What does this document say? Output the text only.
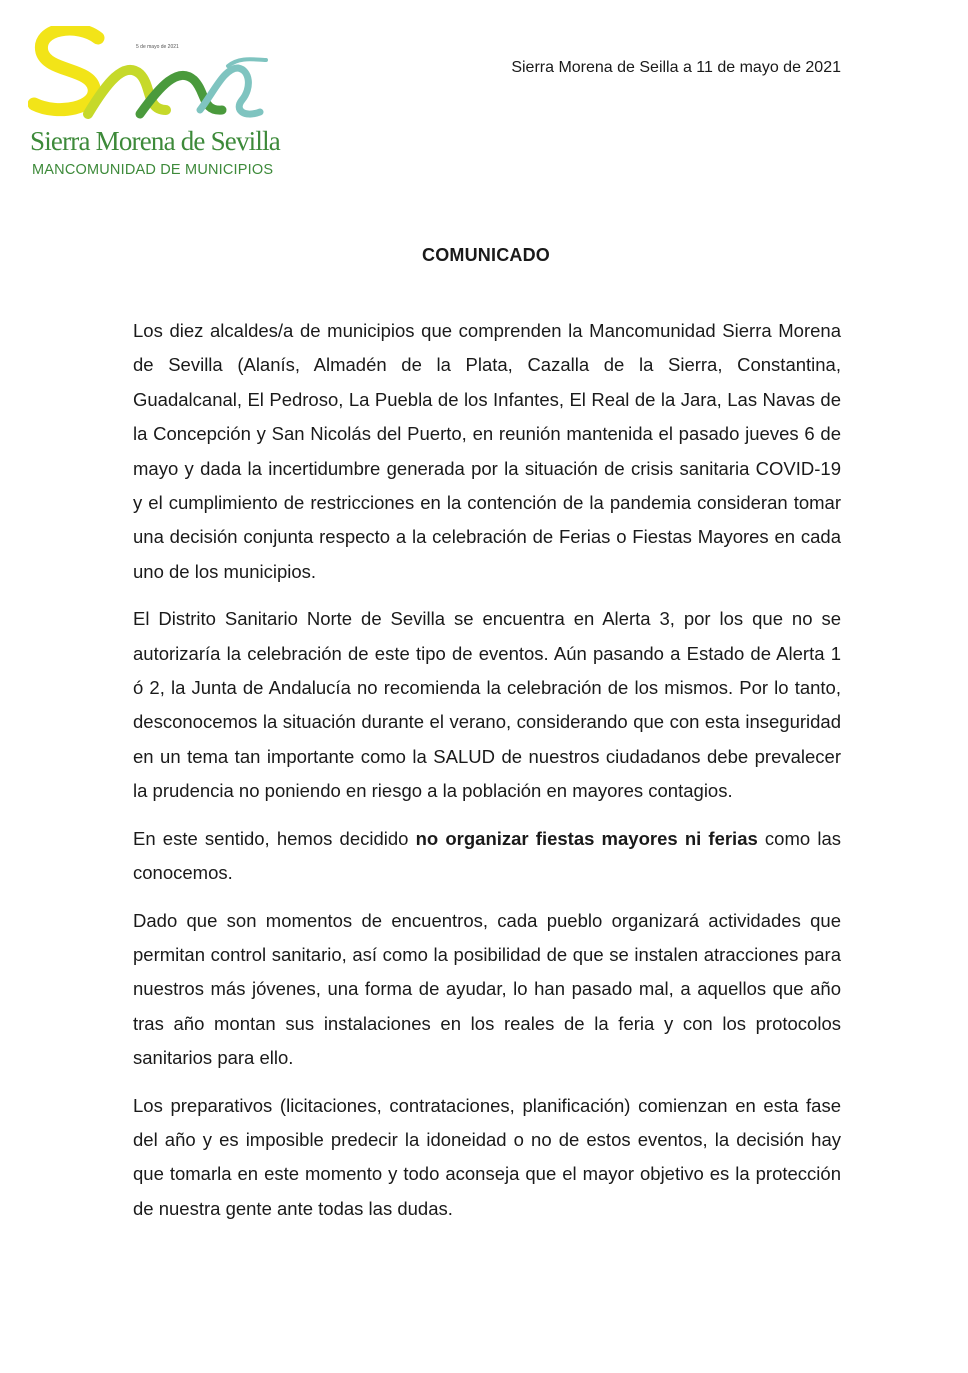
5 de mayo de 2021
Sierra Morena de Sevilla
MANCOMUNIDAD DE MUNICIPIOS
Sierra Morena de Seilla a 11 de mayo de 2021
COMUNICADO

Los diez alcaldes/a de municipios que comprenden la Mancomunidad Sierra Morena de Sevilla (Alanís, Almadén de la Plata, Cazalla de la Sierra, Constantina, Guadalcanal, El Pedroso, La Puebla de los Infantes, El Real de la Jara, Las Navas de la Concepción y San Nicolás del Puerto, en reunión mantenida el pasado jueves 6 de mayo y dada la incertidumbre generada por la situación de crisis sanitaria COVID-19 y el cumplimiento de restricciones en la contención de la pandemia consideran tomar una decisión conjunta respecto a la celebración de Ferias o Fiestas Mayores en cada uno de los municipios.

El Distrito Sanitario Norte de Sevilla se encuentra en Alerta 3, por los que no se autorizaría la celebración de este tipo de eventos. Aún pasando a Estado de Alerta 1 ó 2, la Junta de Andalucía no recomienda la celebración de los mismos. Por lo tanto, desconocemos la situación durante el verano, considerando que con esta inseguridad en un tema tan importante como la SALUD de nuestros ciudadanos debe prevalecer la prudencia no poniendo en riesgo a la población en mayores contagios.

En este sentido, hemos decidido no organizar fiestas mayores ni ferias como las conocemos.

Dado que son momentos de encuentros, cada pueblo organizará actividades que permitan control sanitario, así como la posibilidad de que se instalen atracciones para nuestros más jóvenes, una forma de ayudar, lo han pasado mal, a aquellos que año tras año montan sus instalaciones en los reales de la feria y con los protocolos sanitarios para ello.

Los preparativos (licitaciones, contrataciones, planificación) comienzan en esta fase del año y es imposible predecir la idoneidad o no de estos eventos, la decisión hay que tomarla en este momento y todo aconseja que el mayor objetivo es la protección de nuestra gente ante todas las dudas.
